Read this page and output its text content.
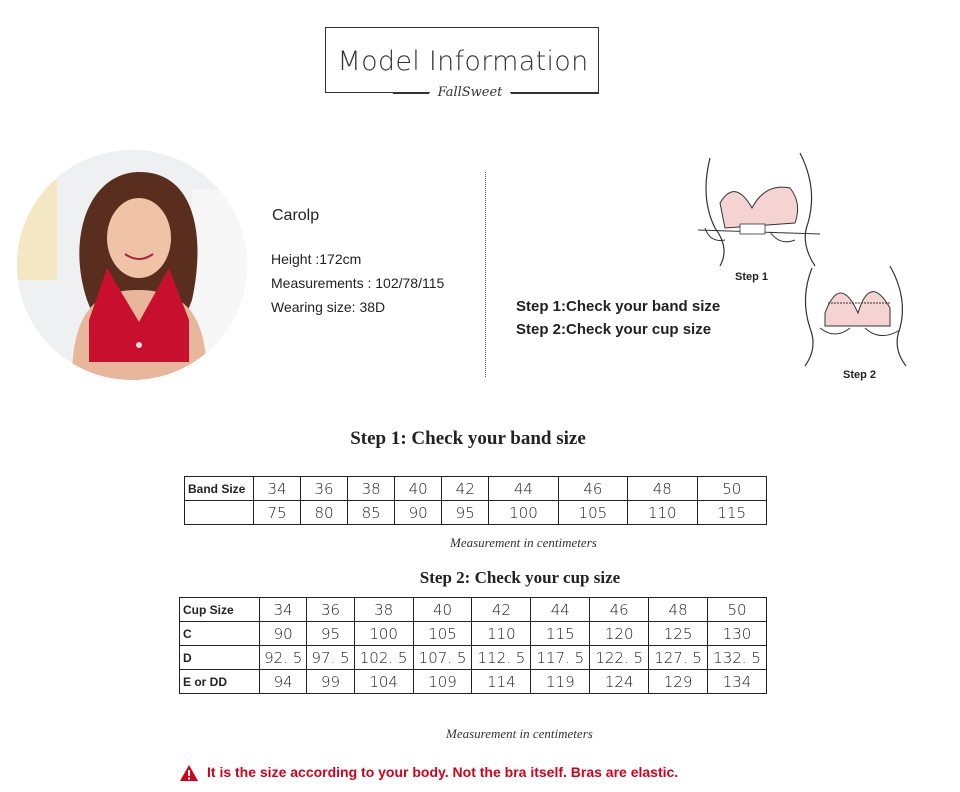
Model Information
FallSweet
Carolp
Height :172cm
Measurements : 102/78/115
Wearing size: 38D
Step 1
Step 2
Step 1:Check your band size
Step 2:Check your cup size
Step 1: Check your band size
Band Size	34	36	38	40	42	44	46	48	50
	75	80	85	90	95	100	105	110	115
Measurement in centimeters
Step 2: Check your cup size
Cup Size	34	36	38	40	42	44	46	48	50
C	90	95	100	105	110	115	120	125	130
D	92. 5	97. 5	102. 5	107. 5	112. 5	117. 5	122. 5	127. 5	132. 5
E or DD	94	99	104	109	114	119	124	129	134
Measurement in centimeters
It is the size according to your body. Not the bra itself. Bras are elastic.
